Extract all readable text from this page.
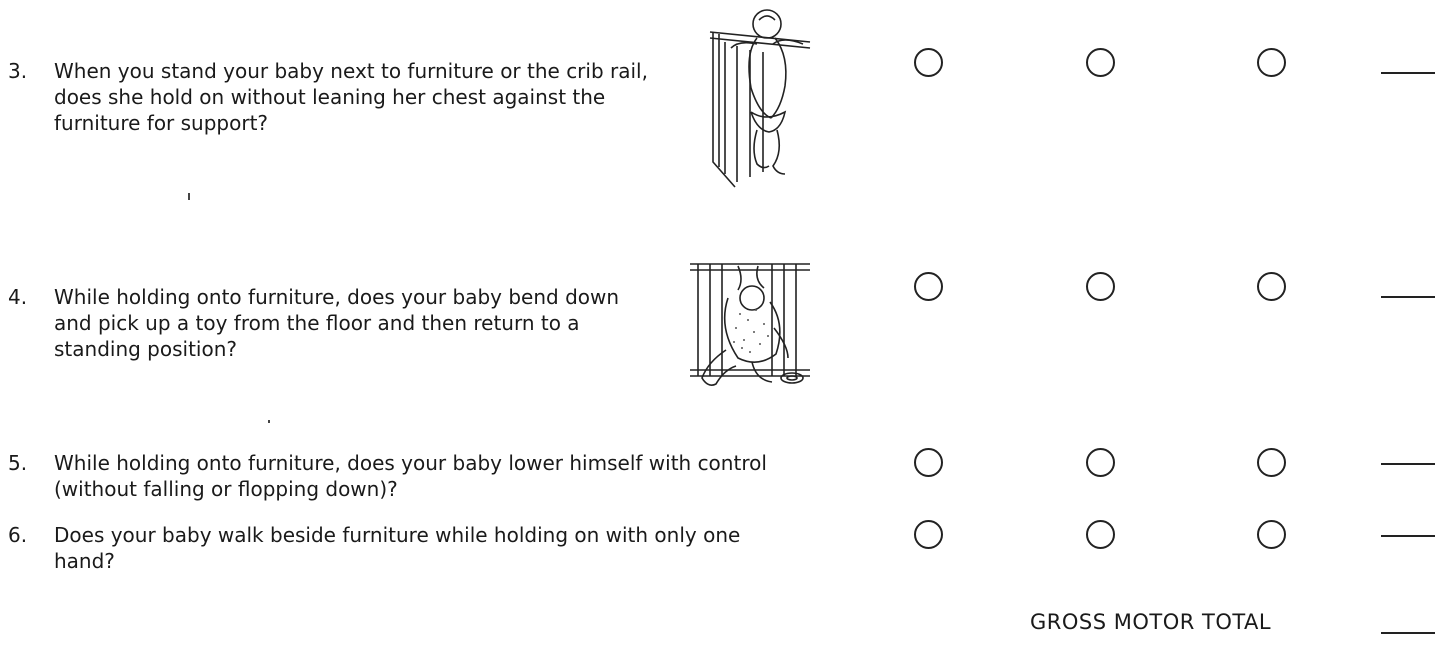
3. When you stand your baby next to furniture or the crib rail,
does she hold on without leaning her chest against the
furniture for support?
4. While holding onto furniture, does your baby bend down
and pick up a toy from the floor and then return to a
standing position?
5. While holding onto furniture, does your baby lower himself with control
(without falling or flopping down)?
6. Does your baby walk beside furniture while holding on with only one
hand?
GROSS MOTOR TOTAL
